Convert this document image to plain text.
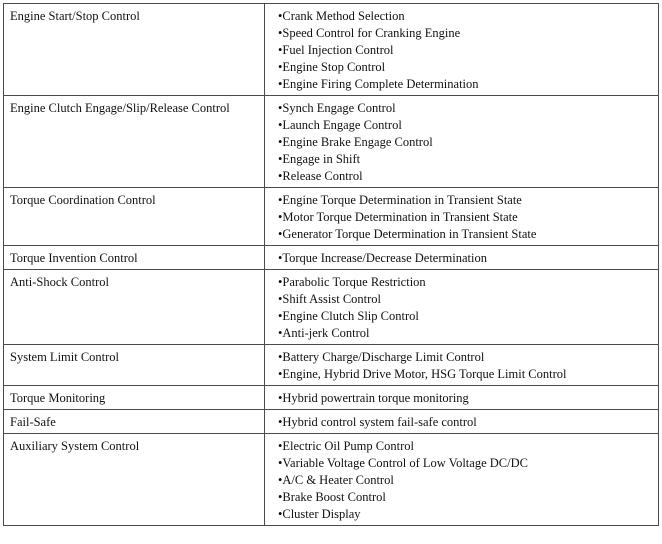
Engine Start/Stop Control	•Crank Method Selection
•Speed Control for Cranking Engine
•Fuel Injection Control
•Engine Stop Control
•Engine Firing Complete Determination

Engine Clutch Engage/Slip/Release Control	•Synch Engage Control
•Launch Engage Control
•Engine Brake Engage Control
•Engage in Shift
•Release Control

Torque Coordination Control	•Engine Torque Determination in Transient State
•Motor Torque Determination in Transient State
•Generator Torque Determination in Transient State

Torque Invention Control	•Torque Increase/Decrease Determination

Anti-Shock Control	•Parabolic Torque Restriction
•Shift Assist Control
•Engine Clutch Slip Control
•Anti-jerk Control

System Limit Control	•Battery Charge/Discharge Limit Control
•Engine, Hybrid Drive Motor, HSG Torque Limit Control

Torque Monitoring	•Hybrid powertrain torque monitoring

Fail-Safe	•Hybrid control system fail-safe control

Auxiliary System Control	•Electric Oil Pump Control
•Variable Voltage Control of Low Voltage DC/DC
•A/C & Heater Control
•Brake Boost Control
•Cluster Display
